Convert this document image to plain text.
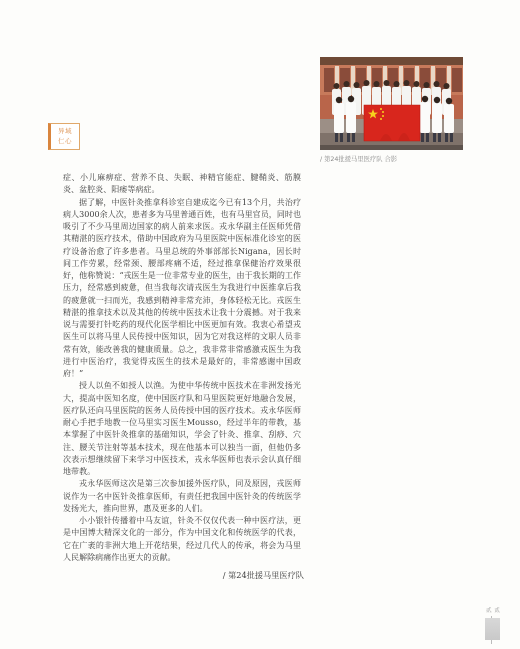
异域
仁心
/ 第24批援马里医疗队 合影

症、小儿麻痹症、营养不良、失眠、神精官能症、腱鞘炎、筋膜炎、盆腔炎、阳痿等病症。

据了解，中医针灸推拿科诊室自建成迄今已有13个月，共治疗病人3000余人次，患者多为马里普通百姓，也有马里官员，同时也吸引了不少马里周边国家的病人前来求医。戎永华副主任医师凭借其精湛的医疗技术，借助中国政府为马里医院中医标准化诊室的医疗设备治愈了许多患者。马里总统的外事部部长Nigana，因长时间工作劳累，经常颈、腰部疼痛不适，经过推拿保健治疗效果很好，他称赞说：“戎医生是一位非常专业的医生，由于我长期的工作压力，经常感到疲惫，但当我每次请戎医生为我进行中医推拿后我的疲惫就一扫而光，我感到精神非常充沛，身体轻松无比。戎医生精湛的推拿技术以及其他的传统中医技术让我十分震撼。对于我来说与需要打针吃药的现代化医学相比中医更加有效。我衷心希望戎医生可以将马里人民传授中医知识，因为它对我这样的文职人员非常有效，能改善我的健康质量。总之，我非常非常感激戎医生为我进行中医治疗，我觉得戎医生的技术是最好的，非常感谢中国政府！”

授人以鱼不如授人以渔。为使中华传统中医技术在非洲发扬光大，提高中医知名度，使中国医疗队和马里医院更好地融合发展，医疗队还向马里医院的医务人员传授中国的医疗技术。戎永华医师耐心手把手地教一位马里实习医生Mousso，经过半年的带教，基本掌握了中医针灸推拿的基础知识，学会了针灸、推拿、刮痧、穴注、腰关节注射等基本技术，现在他基本可以独当一面，但他仍多次表示想继续留下来学习中医技术，戎永华医师也表示会认真仔细地带教。

戎永华医师这次是第三次参加援外医疗队，同及原因，戎医师说作为一名中医针灸推拿医师，有责任把我国中医针灸的传统医学发扬光大，推向世界，惠及更多的人们。

小小银针传播着中马友谊，针灸不仅仅代表一种中医疗法，更是中国博大精深文化的一部分，作为中国文化和传统医学的代表，它在广袤的非洲大地上开花结果，经过几代人的传承，将会为马里人民解除病痛作出更大的贡献。

/ 第24批援马里医疗队
贰 贰
